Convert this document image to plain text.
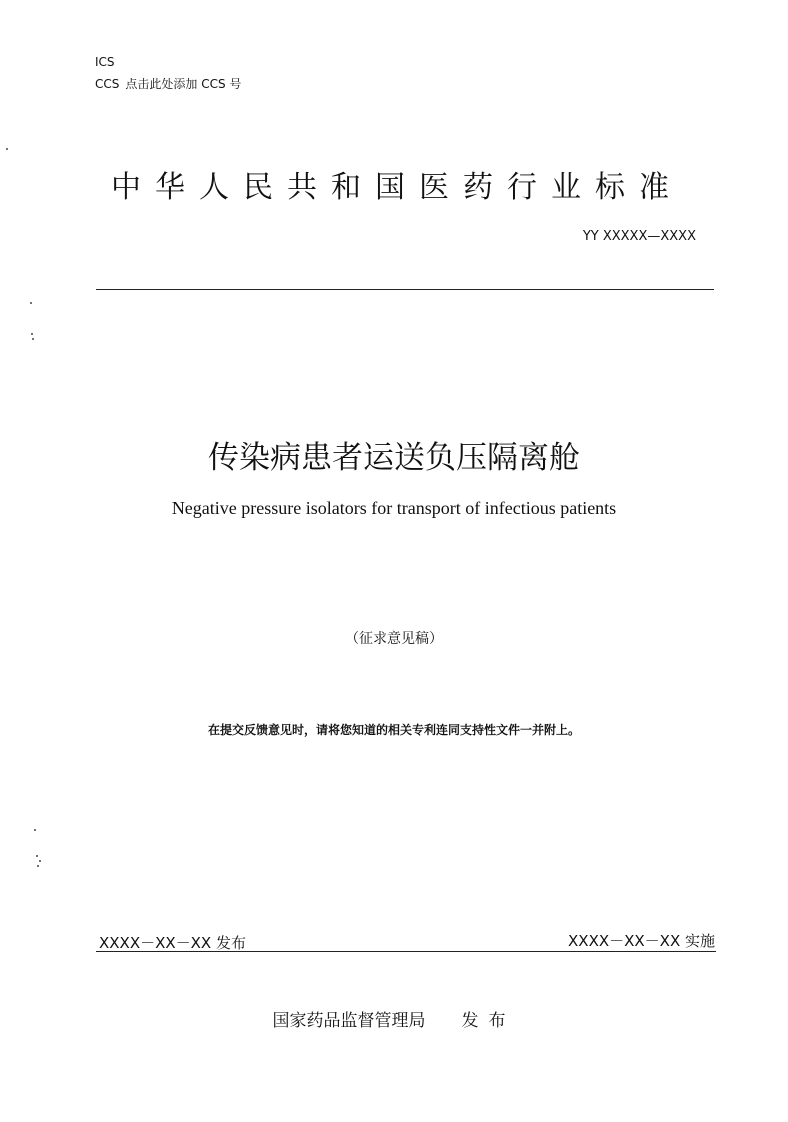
ICS
CCS 点击此处添加 CCS 号
中华人民共和国医药行业标准
YY XXXXX—XXXX
传染病患者运送负压隔离舱
Negative pressure isolators for transport of infectious patients
（征求意见稿）
在提交反馈意见时，请将您知道的相关专利连同支持性文件一并附上。
XXXX－XX－XX 发布	XXXX－XX－XX 实施
国家药品监督管理局 发布
